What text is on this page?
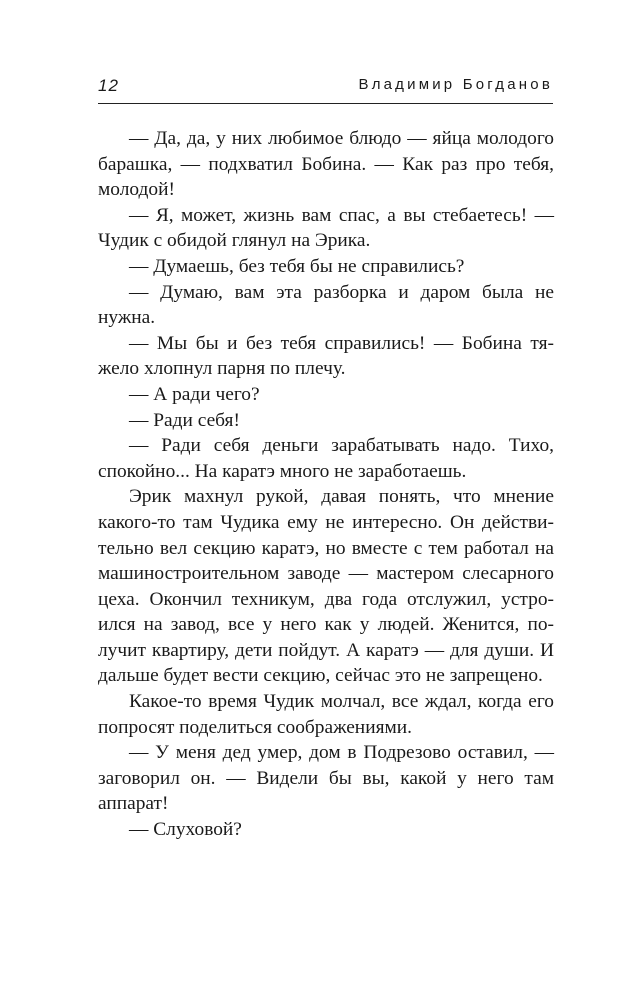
12	Владимир Богданов

— Да, да, у них любимое блюдо — яйца молодого барашка, — подхватил Бобина. — Как раз про тебя, молодой!

— Я, может, жизнь вам спас, а вы стебаетесь! — Чудик с обидой глянул на Эрика.

— Думаешь, без тебя бы не справились?

— Думаю, вам эта разборка и даром была не нужна.

— Мы бы и без тебя справились! — Бобина тяжело хлопнул парня по плечу.

— А ради чего?

— Ради себя!

— Ради себя деньги зарабатывать надо. Тихо, спокойно... На каратэ много не заработаешь.

Эрик махнул рукой, давая понять, что мнение какого-то там Чудика ему не интересно. Он действительно вел секцию каратэ, но вместе с тем работал на машиностроительном заводе — мастером слесарного цеха. Окончил техникум, два года отслужил, устроился на завод, все у него как у людей. Женится, получит квартиру, дети пойдут. А каратэ — для души. И дальше будет вести секцию, сейчас это не запрещено.

Какое-то время Чудик молчал, все ждал, когда его попросят поделиться соображениями.

— У меня дед умер, дом в Подрезово оставил, — заговорил он. — Видели бы вы, какой у него там аппарат!

— Слуховой?
